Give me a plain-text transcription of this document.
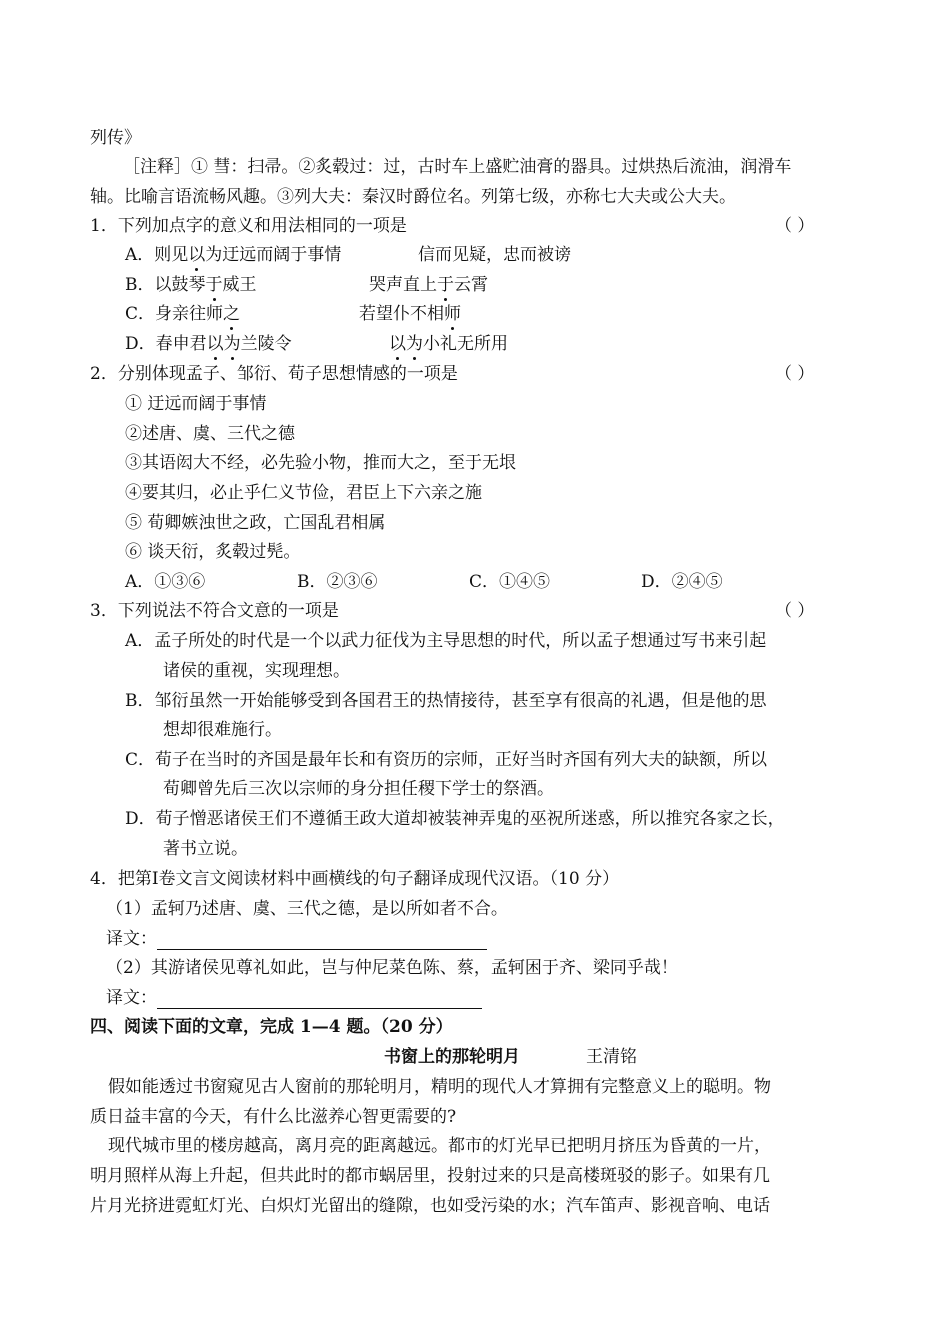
列传》
［注释］① 彗：扫帚。②炙毂过：过，古时车上盛贮油膏的器具。过烘热后流油，润滑车
轴。比喻言语流畅风趣。③列大夫：秦汉时爵位名。列第七级，亦称七大夫或公大夫。
1．下列加点字的意义和用法相同的一项是	（ ）
A．则见以为迂远而阔于事情	信而见疑，忠而被谤
B．以鼓琴于威王	哭声直上于云霄
C．身亲往师之	若望仆不相师
D．春申君以为兰陵令	以为小礼无所用
2．分别体现孟子、邹衍、荀子思想情感的一项是	（ ）
① 迂远而阔于事情
②述唐、虞、三代之德
③其语闳大不经，必先验小物，推而大之，至于无垠
④要其归，必止乎仁义节俭，君臣上下六亲之施
⑤ 荀卿嫉浊世之政，亡国乱君相属
⑥ 谈天衍，炙毂过髡。
A．①③⑥	B．②③⑥	C．①④⑤	D．②④⑤
3．下列说法不符合文意的一项是	（ ）
A．孟子所处的时代是一个以武力征伐为主导思想的时代，所以孟子想通过写书来引起
诸侯的重视，实现理想。
B．邹衍虽然一开始能够受到各国君王的热情接待，甚至享有很高的礼遇，但是他的思
想却很难施行。
C．荀子在当时的齐国是最年长和有资历的宗师，正好当时齐国有列大夫的缺额，所以
荀卿曾先后三次以宗师的身分担任稷下学士的祭酒。
D．荀子憎恶诸侯王们不遵循王政大道却被装神弄鬼的巫祝所迷惑，所以推究各家之长，
著书立说。
4．把第Ⅰ卷文言文阅读材料中画横线的句子翻译成现代汉语。（10 分）
（1）孟轲乃述唐、虞、三代之德，是以所如者不合。
译文：
（2）其游诸侯见尊礼如此，岂与仲尼菜色陈、蔡，孟轲困于齐、梁同乎哉！
译文：
四、阅读下面的文章，完成 1—4 题。（20 分）
书窗上的那轮明月	王清铭
假如能透过书窗窥见古人窗前的那轮明月，精明的现代人才算拥有完整意义上的聪明。物
质日益丰富的今天，有什么比滋养心智更需要的?
现代城市里的楼房越高，离月亮的距离越远。都市的灯光早已把明月挤压为昏黄的一片，
明月照样从海上升起，但共此时的都市蜗居里，投射过来的只是高楼斑驳的影子。如果有几
片月光挤进霓虹灯光、白炽灯光留出的缝隙，也如受污染的水；汽车笛声、影视音响、电话
